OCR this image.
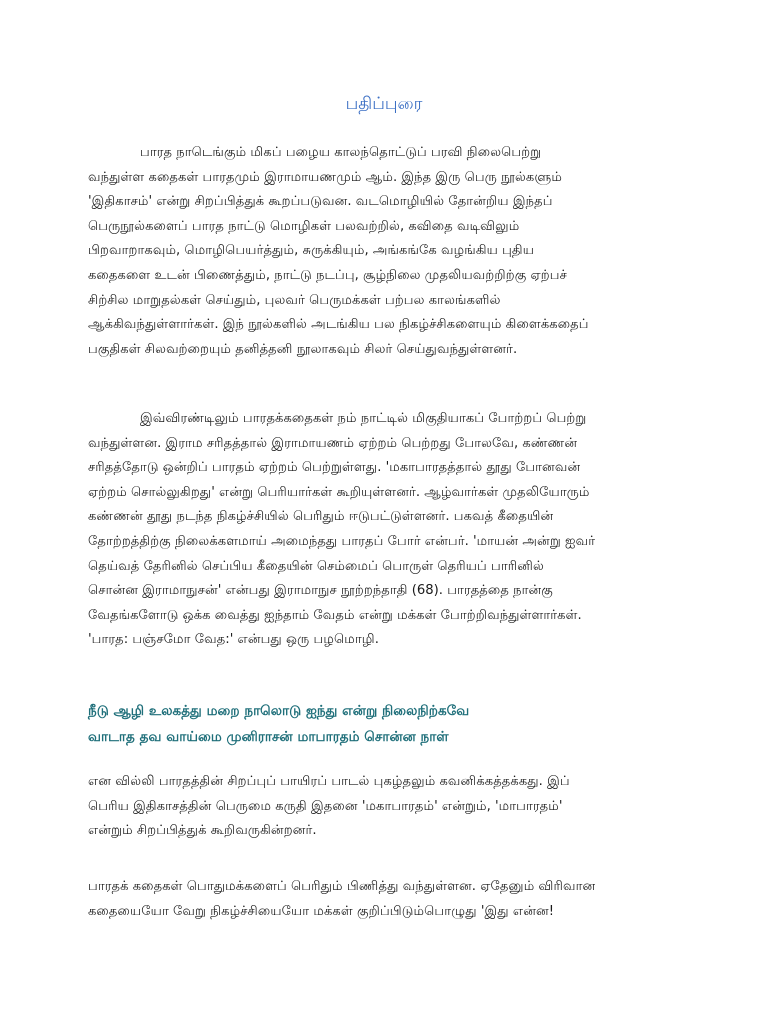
பதிப்புரை

பாரத நாடெங்கும் மிகப் பழைய காலந்தொட்டுப் பரவி நிலைபெற்று
வந்துள்ள கதைகள் பாரதமும் இராமாயணமும் ஆம். இந்த இரு பெரு நூல்களும்
'இதிகாசம்' என்று சிறப்பித்துக் கூறப்படுவன. வடமொழியில் தோன்றிய இந்தப்
பெருநூல்களைப் பாரத நாட்டு மொழிகள் பலவற்றில், கவிதை வடிவிலும்
பிறவாறாகவும், மொழிபெயர்த்தும், சுருக்கியும், அங்கங்கே வழங்கிய புதிய
கதைகளை உடன் பிணைத்தும், நாட்டு நடப்பு, சூழ்நிலை முதலியவற்றிற்கு ஏற்பச்
சிற்சில மாறுதல்கள் செய்தும், புலவர் பெருமக்கள் பற்பல காலங்களில்
ஆக்கிவந்துள்ளார்கள். இந் நூல்களில் அடங்கிய பல நிகழ்ச்சிகளையும் கிளைக்கதைப்
பகுதிகள் சிலவற்றையும் தனித்தனி நூலாகவும் சிலர் செய்துவந்துள்ளனர்.

இவ்விரண்டிலும் பாரதக்கதைகள் நம் நாட்டில் மிகுதியாகப் போற்றப் பெற்று
வந்துள்ளன. இராம சரிதத்தால் இராமாயணம் ஏற்றம் பெற்றது போலவே, கண்ணன்
சரிதத்தோடு ஒன்றிப் பாரதம் ஏற்றம் பெற்றுள்ளது. 'மகாபாரதத்தால் தூது போனவன்
ஏற்றம் சொல்லுகிறது' என்று பெரியார்கள் கூறியுள்ளனர். ஆழ்வார்கள் முதலியோரும்
கண்ணன் தூது நடந்த நிகழ்ச்சியில் பெரிதும் ஈடுபட்டுள்ளனர். பகவத் கீதையின்
தோற்றத்திற்கு நிலைக்களமாய் அமைந்தது பாரதப் போர் என்பர். 'மாயன் அன்று ஐவர்
தெய்வத் தேரினில் செப்பிய கீதையின் செம்மைப் பொருள் தெரியப் பாரினில்
சொன்ன இராமாநுசன்' என்பது இராமாநுச நூற்றந்தாதி (68). பாரதத்தை நான்கு
வேதங்களோடு ஒக்க வைத்து ஐந்தாம் வேதம் என்று மக்கள் போற்றிவந்துள்ளார்கள்.
'பாரத: பஞ்சமோ வேத:' என்பது ஒரு பழமொழி.

நீடு ஆழி உலகத்து மறை நாலொடு ஐந்து என்று நிலைநிற்கவே
வாடாத தவ வாய்மை முனிராசன் மாபாரதம் சொன்ன நாள்

என வில்லி பாரதத்தின் சிறப்புப் பாயிரப் பாடல் புகழ்தலும் கவனிக்கத்தக்கது. இப்
பெரிய இதிகாசத்தின் பெருமை கருதி இதனை 'மகாபாரதம்' என்றும், 'மாபாரதம்'
என்றும் சிறப்பித்துக் கூறிவருகின்றனர்.

பாரதக் கதைகள் பொதுமக்களைப் பெரிதும் பிணித்து வந்துள்ளன. ஏதேனும் விரிவான
கதையையோ வேறு நிகழ்ச்சியையோ மக்கள் குறிப்பிடும்பொழுது 'இது என்ன!
